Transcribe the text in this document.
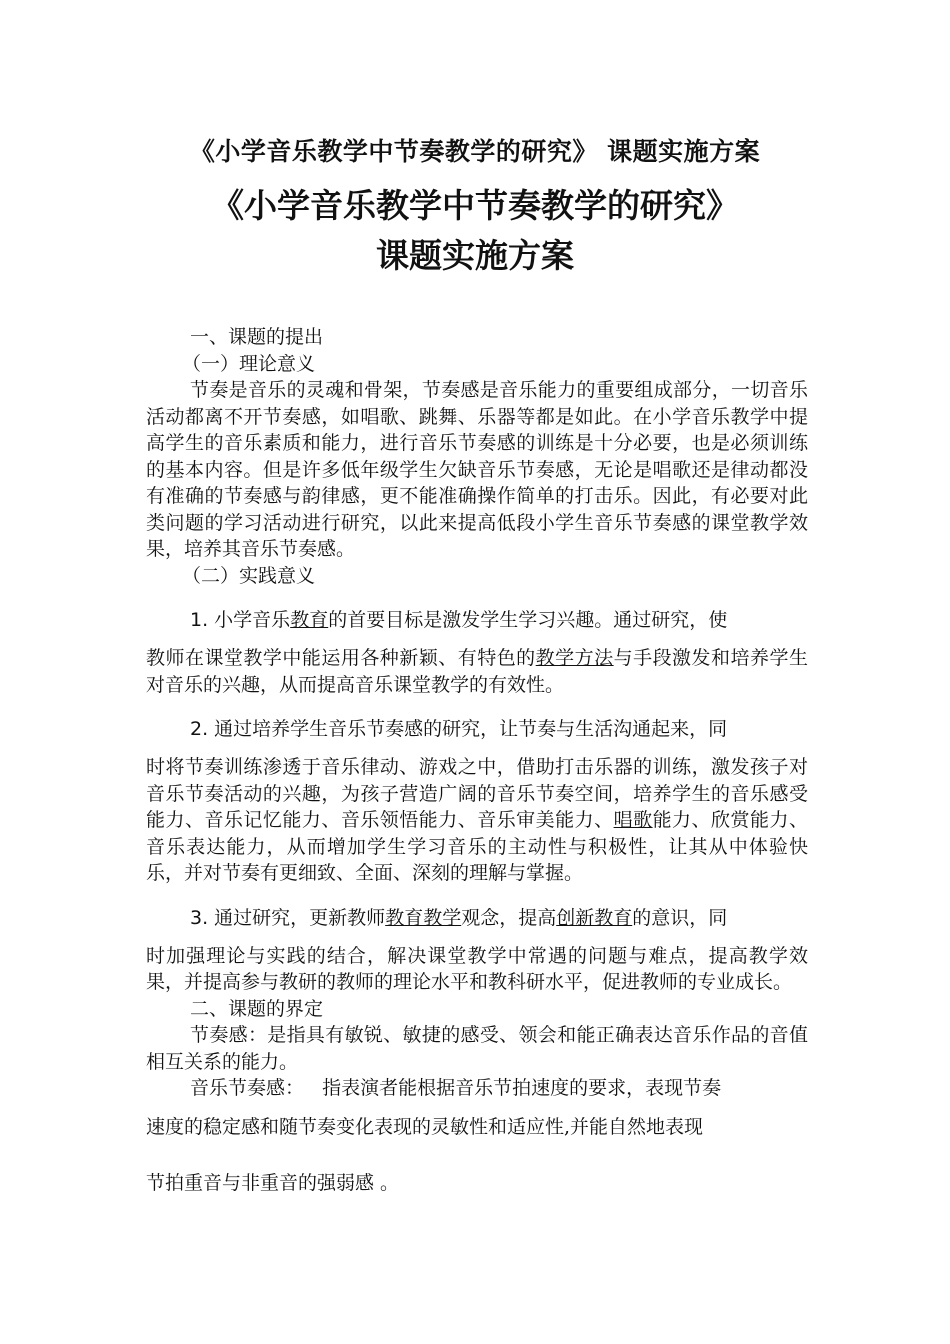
《小学音乐教学中节奏教学的研究》 课题实施方案
《小学音乐教学中节奏教学的研究》
课题实施方案

一、课题的提出

（一）理论意义

节奏是音乐的灵魂和骨架，节奏感是音乐能力的重要组成部分，一切音乐活动都离不开节奏感，如唱歌、跳舞、乐器等都是如此。在小学音乐教学中提高学生的音乐素质和能力，进行音乐节奏感的训练是十分必要，也是必须训练的基本内容。但是许多低年级学生欠缺音乐节奏感，无论是唱歌还是律动都没有准确的节奏感与韵律感，更不能准确操作简单的打击乐。因此，有必要对此类问题的学习活动进行研究，以此来提高低段小学生音乐节奏感的课堂教学效果，培养其音乐节奏感。

（二）实践意义

1. 小学音乐教育的首要目标是激发学生学习兴趣。通过研究，使
教师在课堂教学中能运用各种新颖、有特色的教学方法与手段激发和培养学生对音乐的兴趣，从而提高音乐课堂教学的有效性。
2. 通过培养学生音乐节奏感的研究，让节奏与生活沟通起来，同
时将节奏训练渗透于音乐律动、游戏之中，借助打击乐器的训练，激发孩子对音乐节奏活动的兴趣，为孩子营造广阔的音乐节奏空间，培养学生的音乐感受能力、音乐记忆能力、音乐领悟能力、音乐审美能力、唱歌能力、欣赏能力、音乐表达能力，从而增加学生学习音乐的主动性与积极性，让其从中体验快乐，并对节奏有更细致、全面、深刻的理解与掌握。
3. 通过研究，更新教师教育教学观念，提高创新教育的意识，同
时加强理论与实践的结合，解决课堂教学中常遇的问题与难点，提高教学效果，并提高参与教研的教师的理论水平和教科研水平，促进教师的专业成长。

二、课题的界定

节奏感：是指具有敏锐、敏捷的感受、领会和能正确表达音乐作品的音值相互关系的能力。

音乐节奏感：   指表演者能根据音乐节拍速度的要求，表现节奏

速度的稳定感和随节奏变化表现的灵敏性和适应性,并能自然地表现

节拍重音与非重音的强弱感 。
